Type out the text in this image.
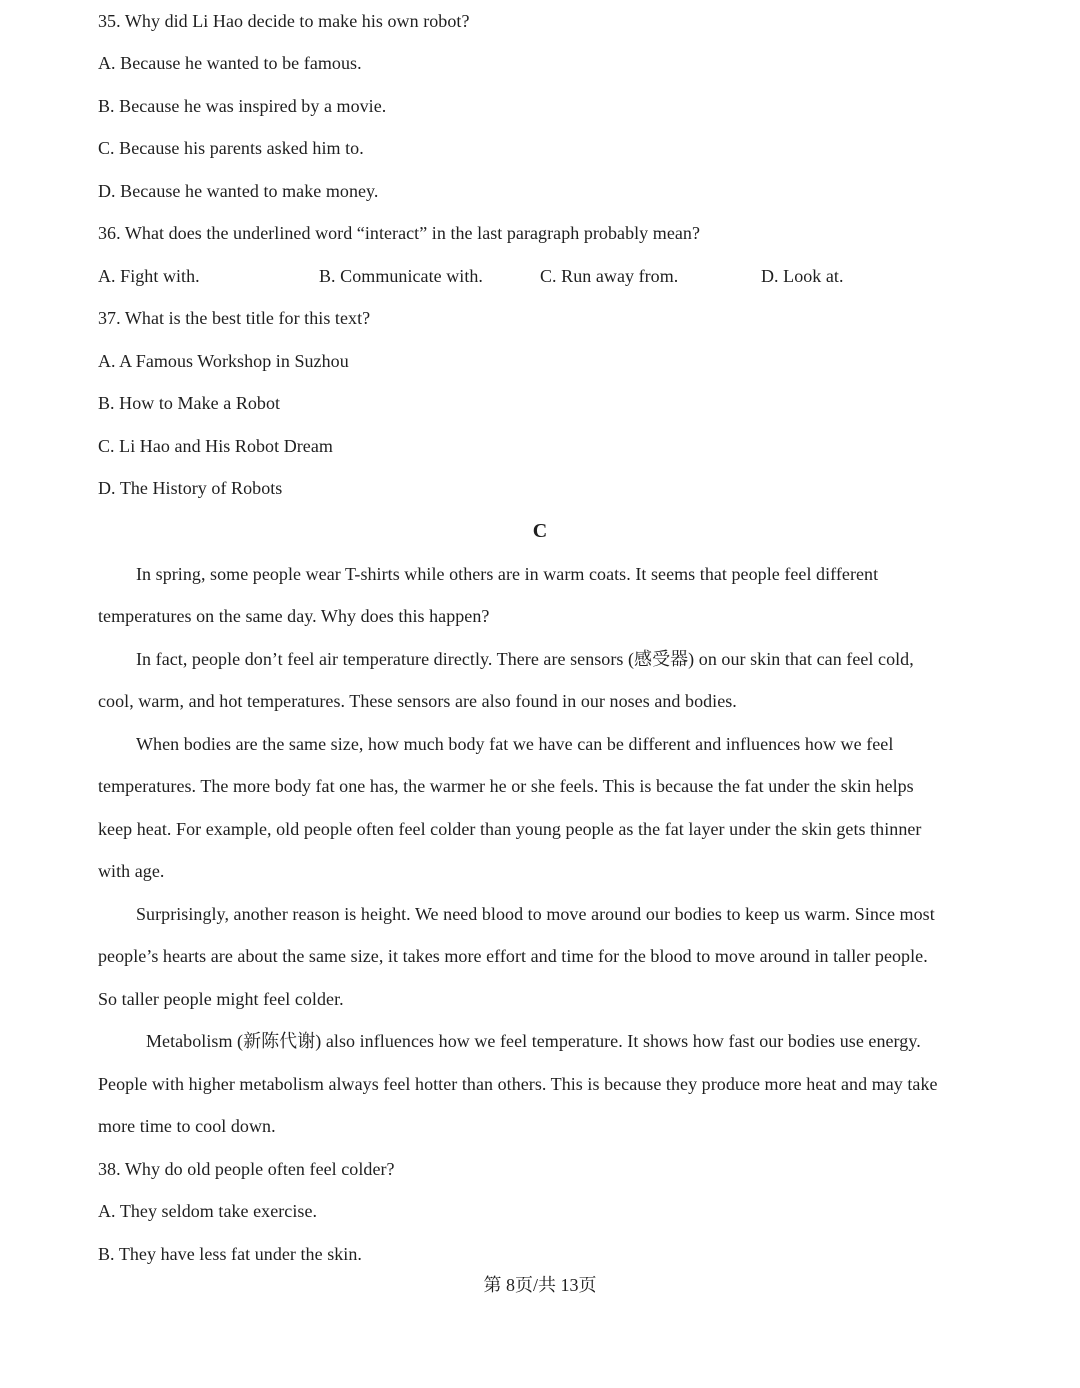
35. Why did Li Hao decide to make his own robot?
A. Because he wanted to be famous.
B. Because he was inspired by a movie.
C. Because his parents asked him to.
D. Because he wanted to make money.
36. What does the underlined word “interact” in the last paragraph probably mean?
A. Fight with.	B. Communicate with.	C. Run away from.	D. Look at.
37. What is the best title for this text?
A. A Famous Workshop in Suzhou
B. How to Make a Robot
C. Li Hao and His Robot Dream
D. The History of Robots
C
In spring, some people wear T-shirts while others are in warm coats. It seems that people feel different
temperatures on the same day. Why does this happen?
In fact, people don’t feel air temperature directly. There are sensors (感受器) on our skin that can feel cold,
cool, warm, and hot temperatures. These sensors are also found in our noses and bodies.
When bodies are the same size, how much body fat we have can be different and influences how we feel
temperatures. The more body fat one has, the warmer he or she feels. This is because the fat under the skin helps
keep heat. For example, old people often feel colder than young people as the fat layer under the skin gets thinner
with age.
Surprisingly, another reason is height. We need blood to move around our bodies to keep us warm. Since most
people’s hearts are about the same size, it takes more effort and time for the blood to move around in taller people.
So taller people might feel colder.
Metabolism (新陈代谢) also influences how we feel temperature. It shows how fast our bodies use energy.
People with higher metabolism always feel hotter than others. This is because they produce more heat and may take
more time to cool down.
38. Why do old people often feel colder?
A. They seldom take exercise.
B. They have less fat under the skin.
第 8页/共 13页
